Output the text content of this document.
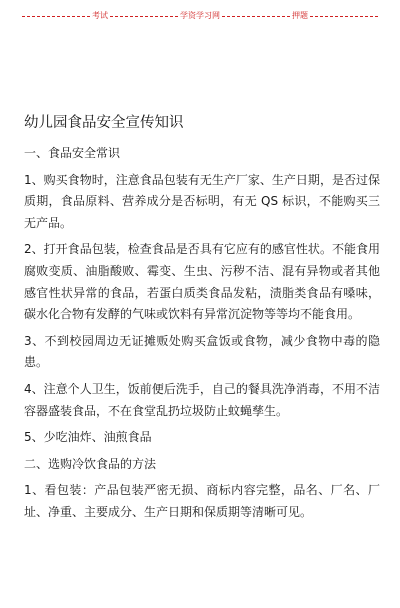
考试	学资学习网	押题
幼儿园食品安全宣传知识

一、食品安全常识

1、购买食物时，注意食品包装有无生产厂家、生产日期，是否过保质期，食品原料、营养成分是否标明，有无 QS 标识，不能购买三无产品。

2、打开食品包装，检查食品是否具有它应有的感官性状。不能食用腐败变质、油脂酸败、霉变、生虫、污秽不洁、混有异物或者其他感官性状异常的食品，若蛋白质类食品发粘，渍脂类食品有嗓味，碳水化合物有发酵的气味或饮料有异常沉淀物等等均不能食用。

3、不到校园周边无证摊贩处购买盒饭或食物，减少食物中毒的隐患。

4、注意个人卫生，饭前便后洗手，自己的餐具洗净消毒，不用不洁容器盛装食品，不在食堂乱扔垃圾防止蚊蝇孳生。

5、少吃油炸、油煎食品

二、选购冷饮食品的方法

1、看包装：产品包装严密无损、商标内容完整，品名、厂名、厂址、净重、主要成分、生产日期和保质期等清晰可见。
